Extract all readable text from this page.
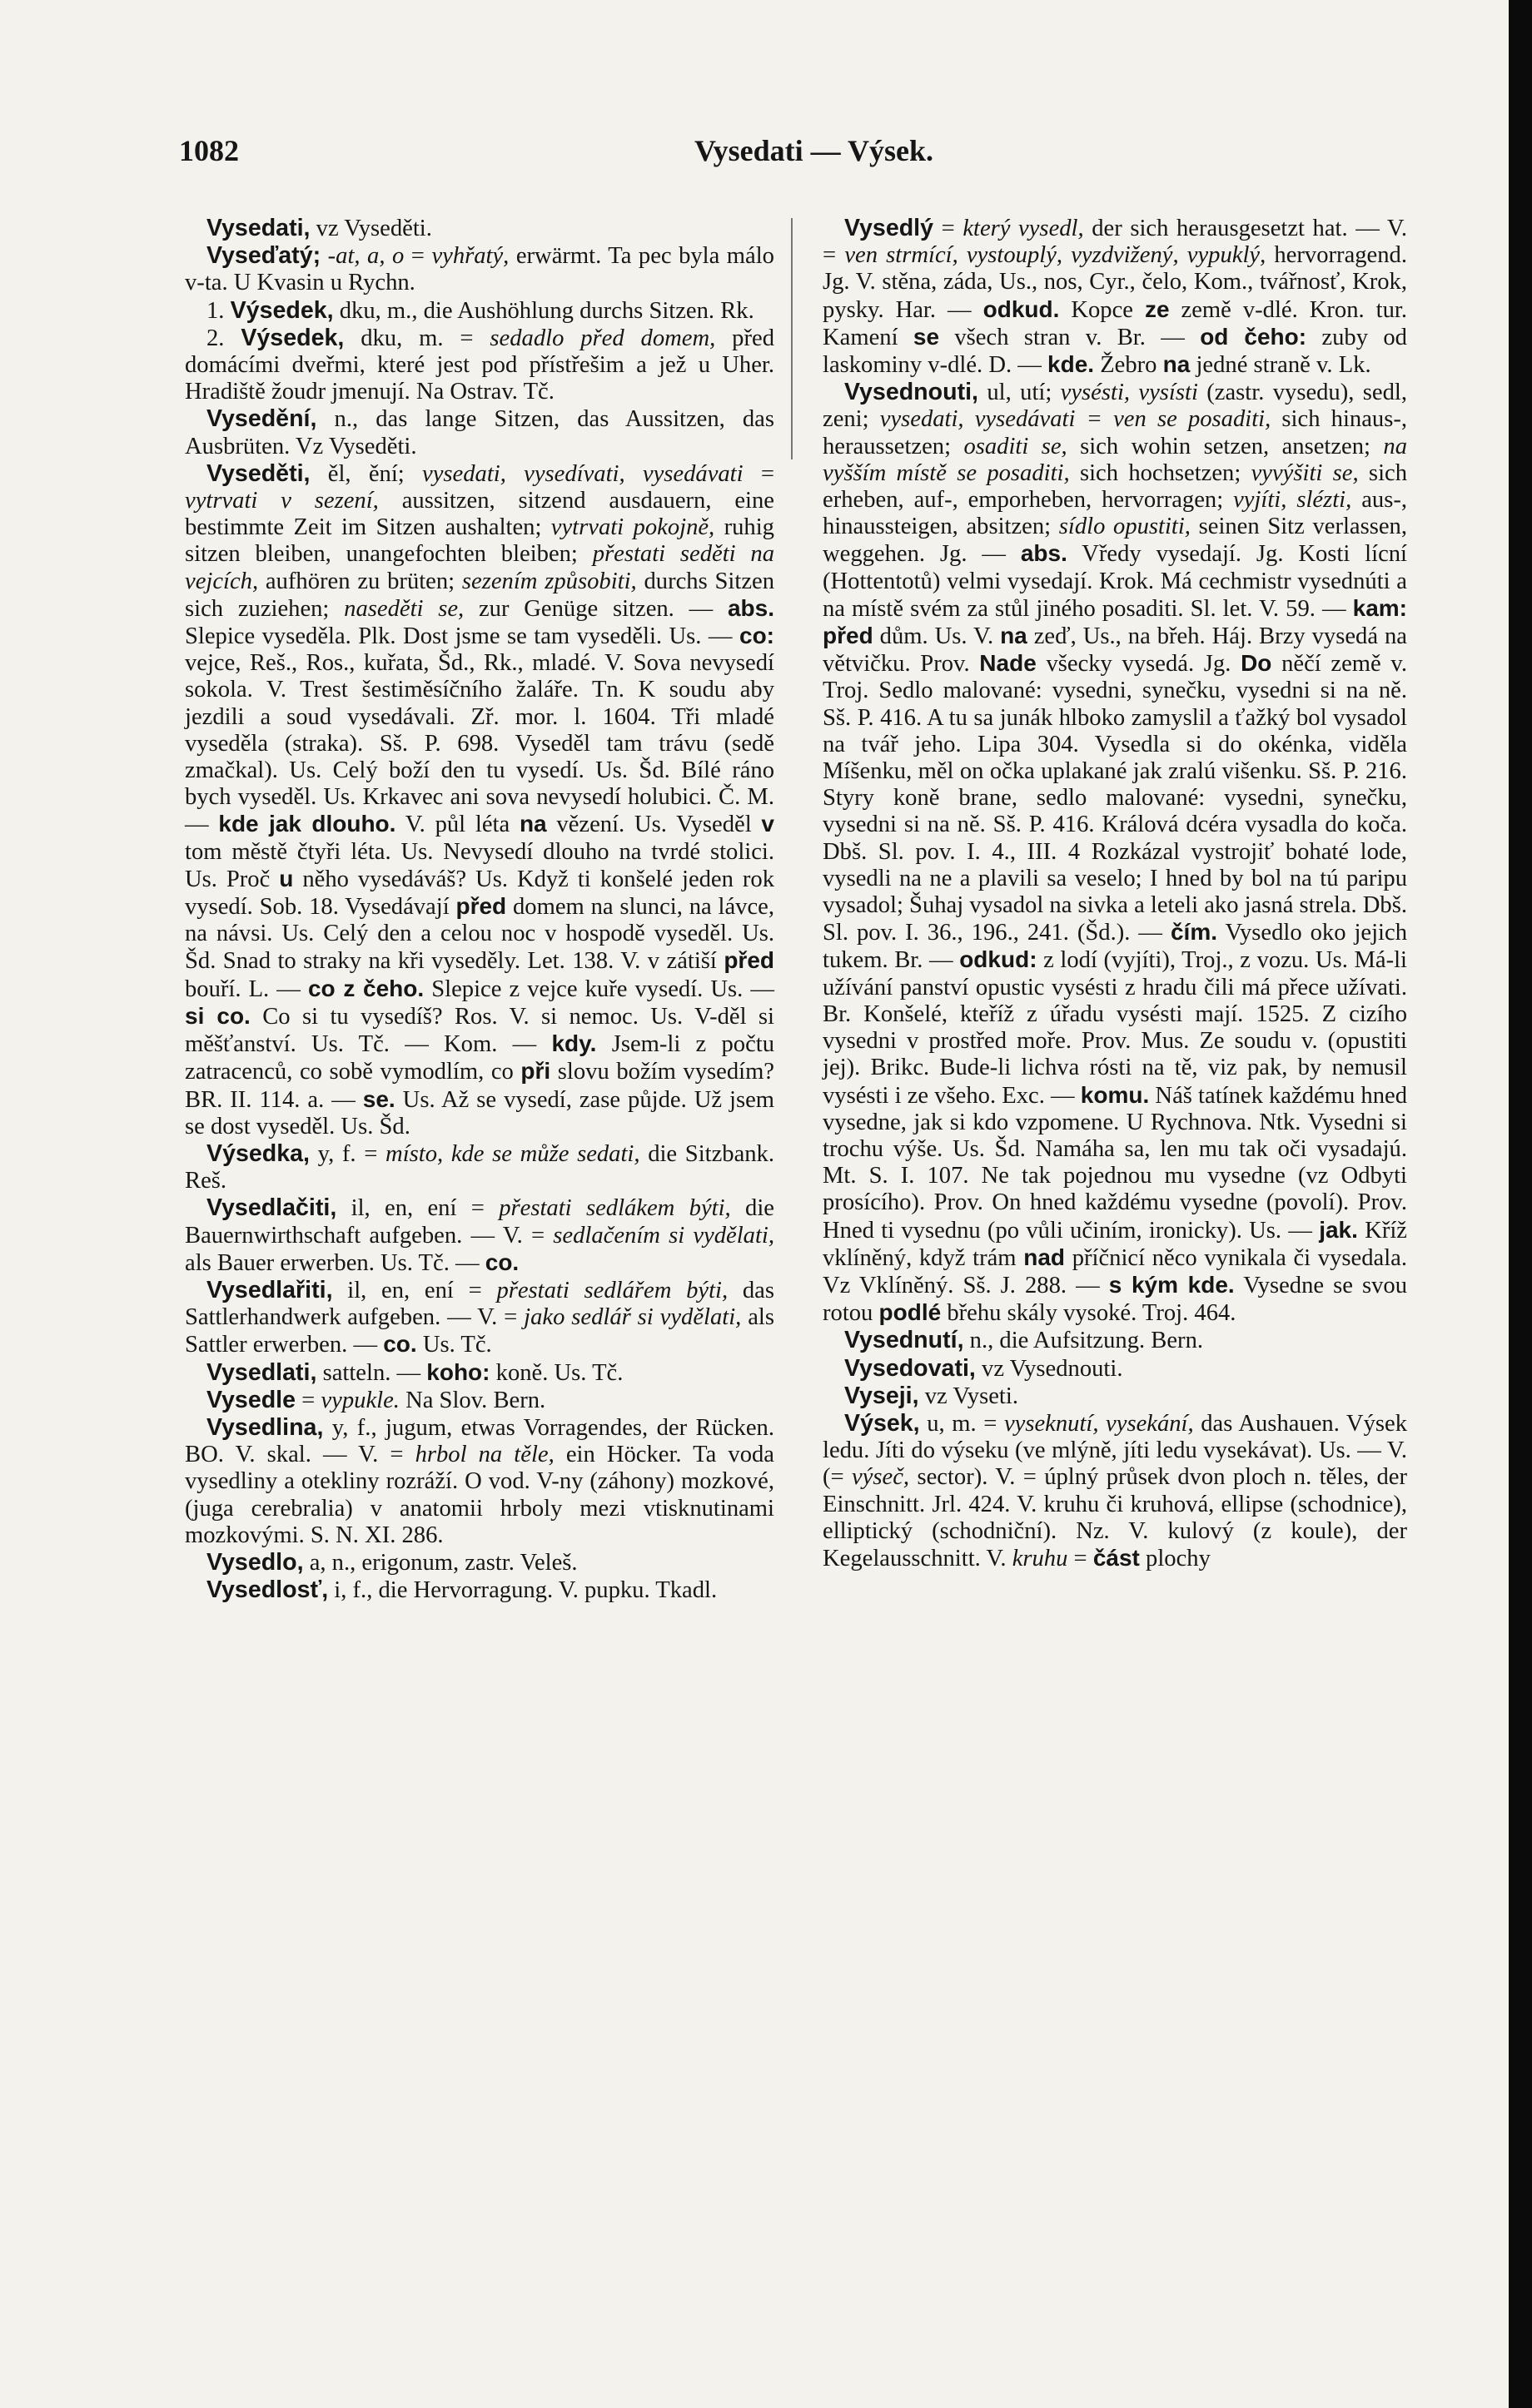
1082	Vysedati — Výsek.

Vysedati, vz Vyseděti.

Vyseďatý; -at, a, o = vyhřatý, erwärmt. Ta pec byla málo v-ta. U Kvasin u Rychn.

1. Výsedek, dku, m., die Aushöhlung durchs Sitzen. Rk.

2. Výsedek, dku, m. = sedadlo před domem, před domácími dveřmi, které jest pod přístřešim a jež u Uher. Hradiště žoudr jmenují. Na Ostrav. Tč.

Vysedění, n., das lange Sitzen, das Aussitzen, das Ausbrüten. Vz Vyseděti.

Vyseděti, ěl, ění; vysedati, vysedívati, vysedávati = vytrvati v sezení, aussitzen, sitzend ausdauern, eine bestimmte Zeit im Sitzen aushalten; vytrvati pokojně, ruhig sitzen bleiben, unangefochten bleiben; přestati seděti na vejcích, aufhören zu brüten; sezením způsobiti, durchs Sitzen sich zuziehen; naseděti se, zur Genüge sitzen. — abs. Slepice vyseděla. Plk. Dost jsme se tam vyseděli. Us. — co: vejce, Reš., Ros., kuřata, Šd., Rk., mladé. V. Sova nevysedí sokola. V. Trest šestiměsíčního žaláře. Tn. K soudu aby jezdili a soud vysedávali. Zř. mor. l. 1604. Tři mladé vyseděla (straka). Sš. P. 698. Vyseděl tam trávu (sedě zmačkal). Us. Celý boží den tu vysedí. Us. Šd. Bílé ráno bych vyseděl. Us. Krkavec ani sova nevysedí holubici. Č. M. — kde jak dlouho. V. půl léta na vězení. Us. Vyseděl v tom městě čtyři léta. Us. Nevysedí dlouho na tvrdé stolici. Us. Proč u něho vysedáváš? Us. Když ti konšelé jeden rok vysedí. Sob. 18. Vysedávají před domem na slunci, na lávce, na návsi. Us. Celý den a celou noc v hospodě vyseděl. Us. Šd. Snad to straky na kři vyseděly. Let. 138. V. v zátiší před bouří. L. — co z čeho. Slepice z vejce kuře vysedí. Us. — si co. Co si tu vysedíš? Ros. V. si nemoc. Us. V-děl si měšťanství. Us. Tč. — Kom. — kdy. Jsem-li z počtu zatracenců, co sobě vymodlím, co při slovu božím vysedím? BR. II. 114. a. — se. Us. Až se vysedí, zase půjde. Už jsem se dost vyseděl. Us. Šd.

Výsedka, y, f. = místo, kde se může sedati, die Sitzbank. Reš.

Vysedlačiti, il, en, ení = přestati sedlákem býti, die Bauernwirthschaft aufgeben. — V. = sedlačením si vydělati, als Bauer erwerben. Us. Tč. — co.

Vysedlařiti, il, en, ení = přestati sedlářem býti, das Sattlerhandwerk aufgeben. — V. = jako sedlář si vydělati, als Sattler erwerben. — co. Us. Tč.

Vysedlati, satteln. — koho: koně. Us. Tč.

Vysedle = vypukle. Na Slov. Bern.

Vysedlina, y, f., jugum, etwas Vorragendes, der Rücken. BO. V. skal. — V. = hrbol na těle, ein Höcker. Ta voda vysedliny a otekliny rozráží. O vod. V-ny (záhony) mozkové, (juga cerebralia) v anatomii hrboly mezi vtisknutinami mozkovými. S. N. XI. 286.

Vysedlo, a, n., erigonum, zastr. Veleš.

Vysedlosť, i, f., die Hervorragung. V. pupku. Tkadl.

Vysedlý = který vysedl, der sich herausgesetzt hat. — V. = ven strmící, vystouplý, vyzdvižený, vypuklý, hervorragend. Jg. V. stěna, záda, Us., nos, Cyr., čelo, Kom., tvářnosť, Krok, pysky. Har. — odkud. Kopce ze země v-dlé. Kron. tur. Kamení se všech stran v. Br. — od čeho: zuby od laskominy v-dlé. D. — kde. Žebro na jedné straně v. Lk.

Vysednouti, ul, utí; vysésti, vysísti (zastr. vysedu), sedl, zeni; vysedati, vysedávati = ven se posaditi, sich hinaus-, heraussetzen; osaditi se, sich wohin setzen, ansetzen; na vyšším místě se posaditi, sich hochsetzen; vyvýšiti se, sich erheben, auf-, emporheben, hervorragen; vyjíti, slézti, aus-, hinaussteigen, absitzen; sídlo opustiti, seinen Sitz verlassen, weggehen. Jg. — abs. Vředy vysedají. Jg. Kosti lícní (Hottentotů) velmi vysedají. Krok. Má cechmistr vysednúti a na místě svém za stůl jiného posaditi. Sl. let. V. 59. — kam: před dům. Us. V. na zeď, Us., na břeh. Háj. Brzy vysedá na větvičku. Prov. Nade všecky vysedá. Jg. Do něčí země v. Troj. Sedlo malované: vysedni, synečku, vysedni si na ně. Sš. P. 416. A tu sa junák hlboko zamyslil a ťažký bol vysadol na tvář jeho. Lipa 304. Vysedla si do okénka, viděla Míšenku, měl on očka uplakané jak zralú višenku. Sš. P. 216. Styry koně brane, sedlo malované: vysedni, synečku, vysedni si na ně. Sš. P. 416. Králová dcéra vysadla do koča. Dbš. Sl. pov. I. 4., III. 4 Rozkázal vystrojiť bohaté lode, vysedli na ne a plavili sa veselo; I hned by bol na tú paripu vysadol; Šuhaj vysadol na sivka a leteli ako jasná strela. Dbš. Sl. pov. I. 36., 196., 241. (Šd.). — čím. Vysedlo oko jejich tukem. Br. — odkud: z lodí (vyjíti), Troj., z vozu. Us. Má-li užívání panství opustic vysésti z hradu čili má přece užívati. Br. Konšelé, kteříž z úřadu vysésti mají. 1525. Z cizího vysedni v prostřed moře. Prov. Mus. Ze soudu v. (opustiti jej). Brikc. Bude-li lichva rósti na tě, viz pak, by nemusil vysésti i ze všeho. Exc. — komu. Náš tatínek každému hned vysedne, jak si kdo vzpomene. U Rychnova. Ntk. Vysedni si trochu výše. Us. Šd. Namáha sa, len mu tak oči vysadajú. Mt. S. I. 107. Ne tak pojednou mu vysedne (vz Odbyti prosícího). Prov. On hned každému vysedne (povolí). Prov. Hned ti vysednu (po vůli učiním, ironicky). Us. — jak. Kříž vklíněný, když trám nad příčnicí něco vynikala či vysedala. Vz Vklíněný. Sš. J. 288. — s kým kde. Vysedne se svou rotou podlé břehu skály vysoké. Troj. 464.

Vysednutí, n., die Aufsitzung. Bern.

Vysedovati, vz Vysednouti.

Vyseji, vz Vyseti.

Výsek, u, m. = vyseknutí, vysekání, das Aushauen. Výsek ledu. Jíti do výseku (ve mlýně, jíti ledu vysekávat). Us. — V. (= výseč, sector). V. = úplný průsek dvon ploch n. těles, der Einschnitt. Jrl. 424. V. kruhu či kruhová, ellipse (schodnice), elliptický (schodniční). Nz. V. kulový (z koule), der Kegelausschnitt. V. kruhu = část plochy
